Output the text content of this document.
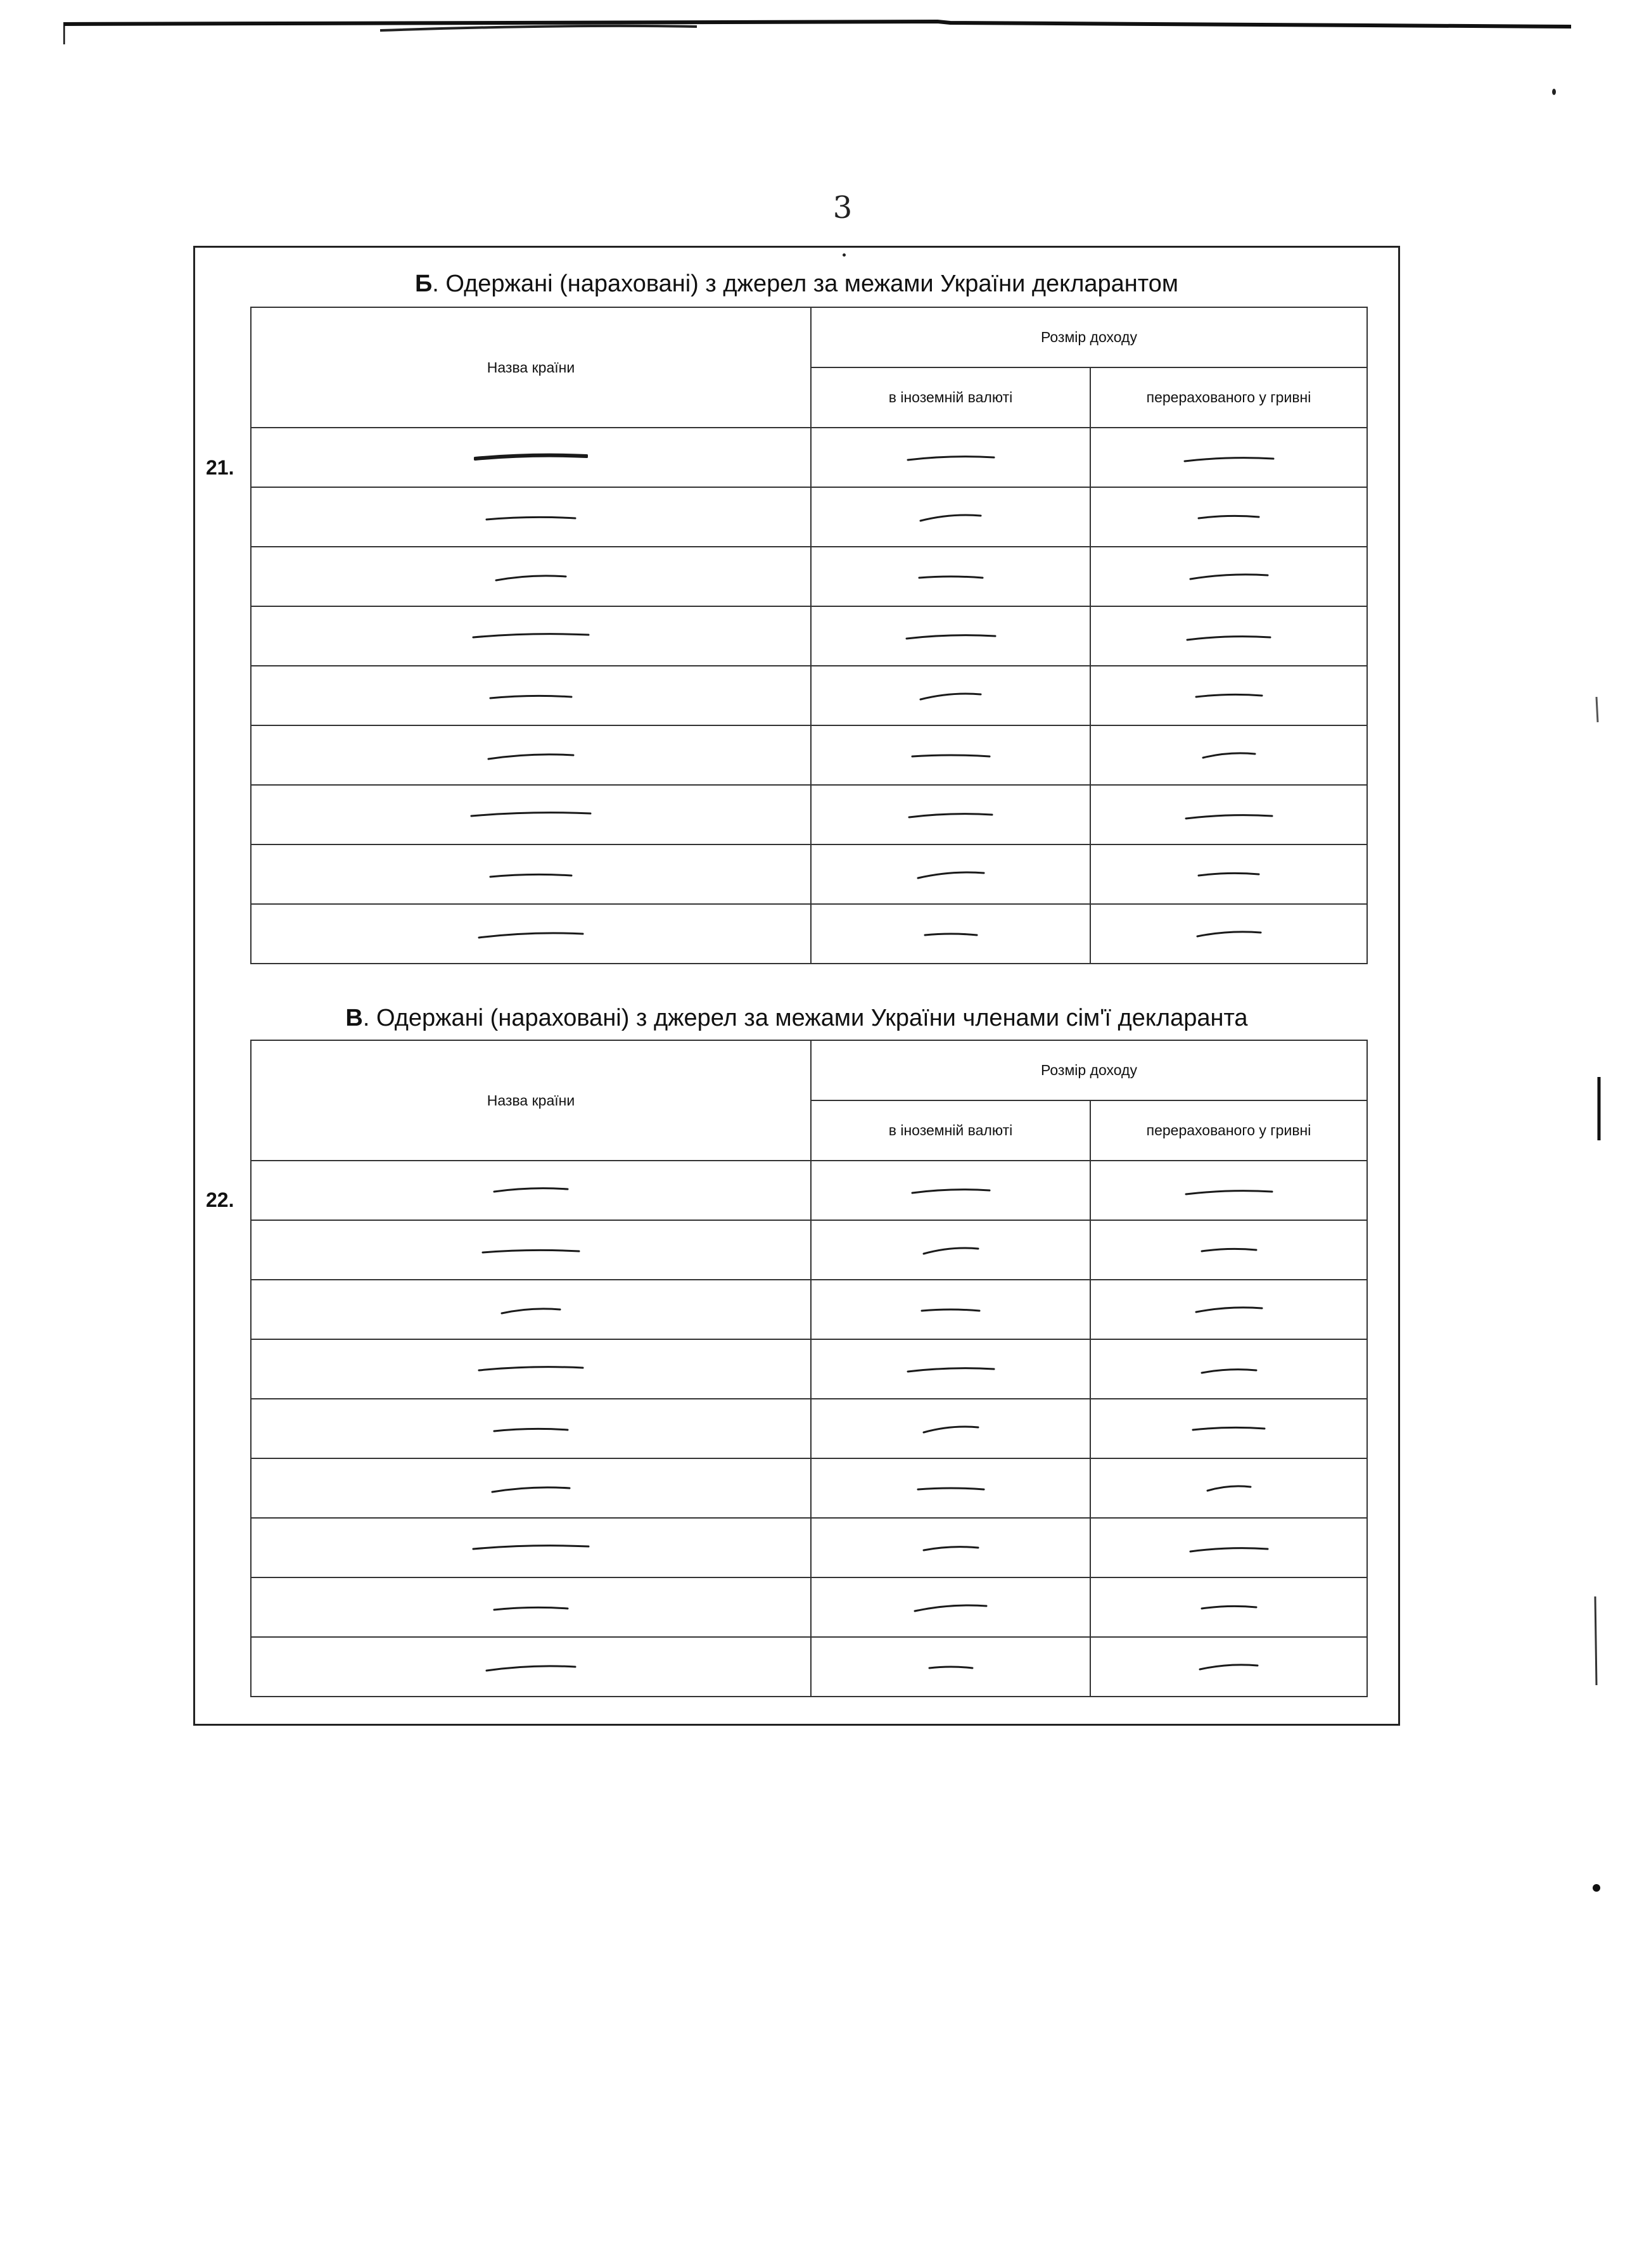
3
Б. Одержані (нараховані) з джерел за межами України декларантом
В. Одержані (нараховані) з джерел за межами України членами сім'ї декларанта
21.
22.
Назва країни	Розмір доходу	
	в іноземній валюті	перерахованого у гривні

Назва країни	Розмір доходу	
	в іноземній валюті	перерахованого у гривні
